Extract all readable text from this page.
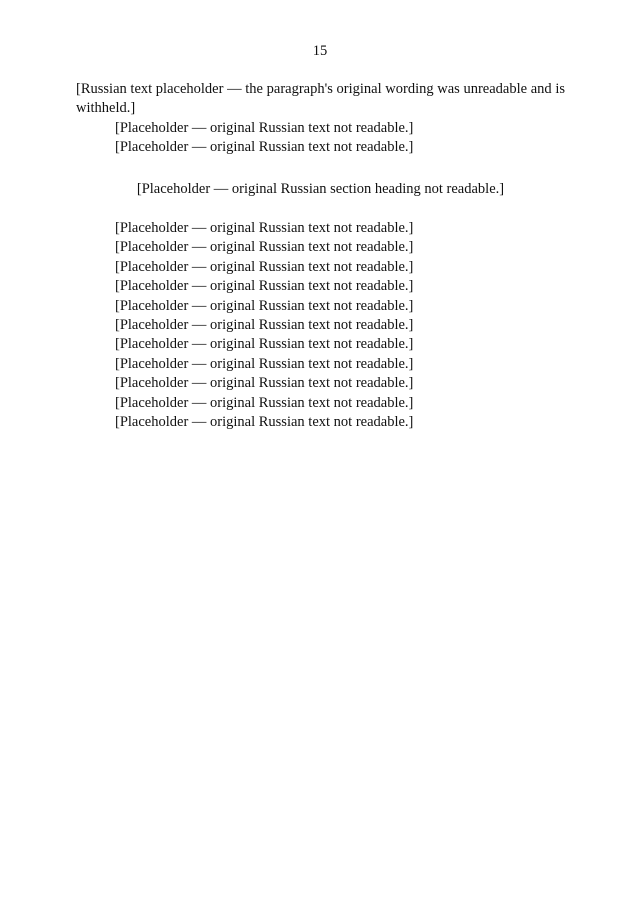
15

[Russian text placeholder — the paragraph's original wording was unreadable and is withheld.]

[Placeholder — original Russian text not readable.]

[Placeholder — original Russian text not readable.]

[Placeholder — original Russian section heading not readable.]

[Placeholder — original Russian text not readable.]

[Placeholder — original Russian text not readable.]

[Placeholder — original Russian text not readable.]

[Placeholder — original Russian text not readable.]

[Placeholder — original Russian text not readable.]

[Placeholder — original Russian text not readable.]

[Placeholder — original Russian text not readable.]

[Placeholder — original Russian text not readable.]

[Placeholder — original Russian text not readable.]

[Placeholder — original Russian text not readable.]

[Placeholder — original Russian text not readable.]
